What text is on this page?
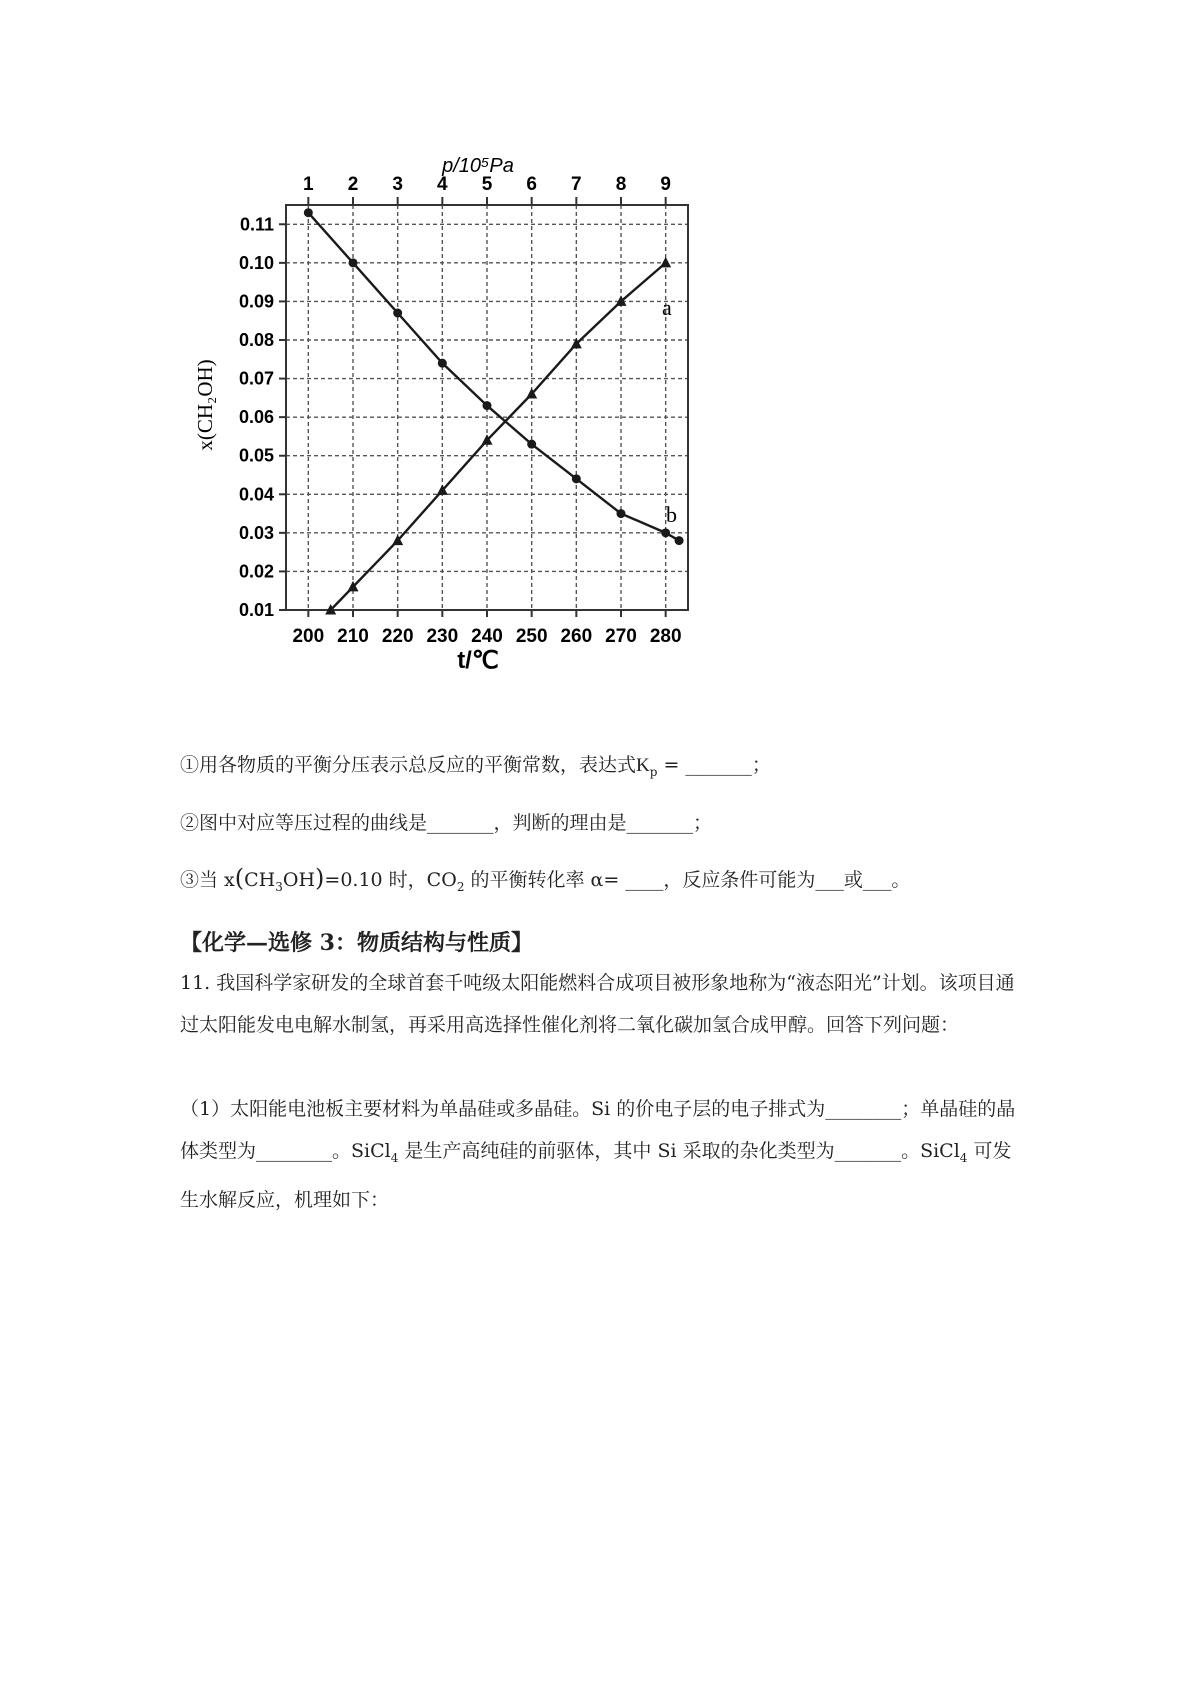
200 210 220 230 240 250 260 270 280
1 2 3 4 5 6 7 8 9
0.01
0.02
0.03
0.04
0.05
0.06
0.07
0.08
0.09
0.10
0.11
p/10⁵Pa
t/℃
x(CH₂OH)
a
b
①用各物质的平衡分压表示总反应的平衡常数，表达式$K_p$ = _______；
②图中对应等压过程的曲线是_______，判断的理由是_______；
③当 $x(CH_3OH)=0.10$ 时，$CO_2$ 的平衡转化率 α= ____，反应条件可能为___或___。
【化学—选修 3：物质结构与性质】
11. 我国科学家研发的全球首套千吨级太阳能燃料合成项目被形象地称为“液态阳光”计划。该项目通过太阳能发电电解水制氢，再采用高选择性催化剂将二氧化碳加氢合成甲醇。回答下列问题：
（1）太阳能电池板主要材料为单晶硅或多晶硅。Si 的价电子层的电子排式为________；单晶硅的晶体类型为________。SiCl$_4$ 是生产高纯硅的前驱体，其中 Si 采取的杂化类型为_______。SiCl$_4$ 可发生水解反应，机理如下：
